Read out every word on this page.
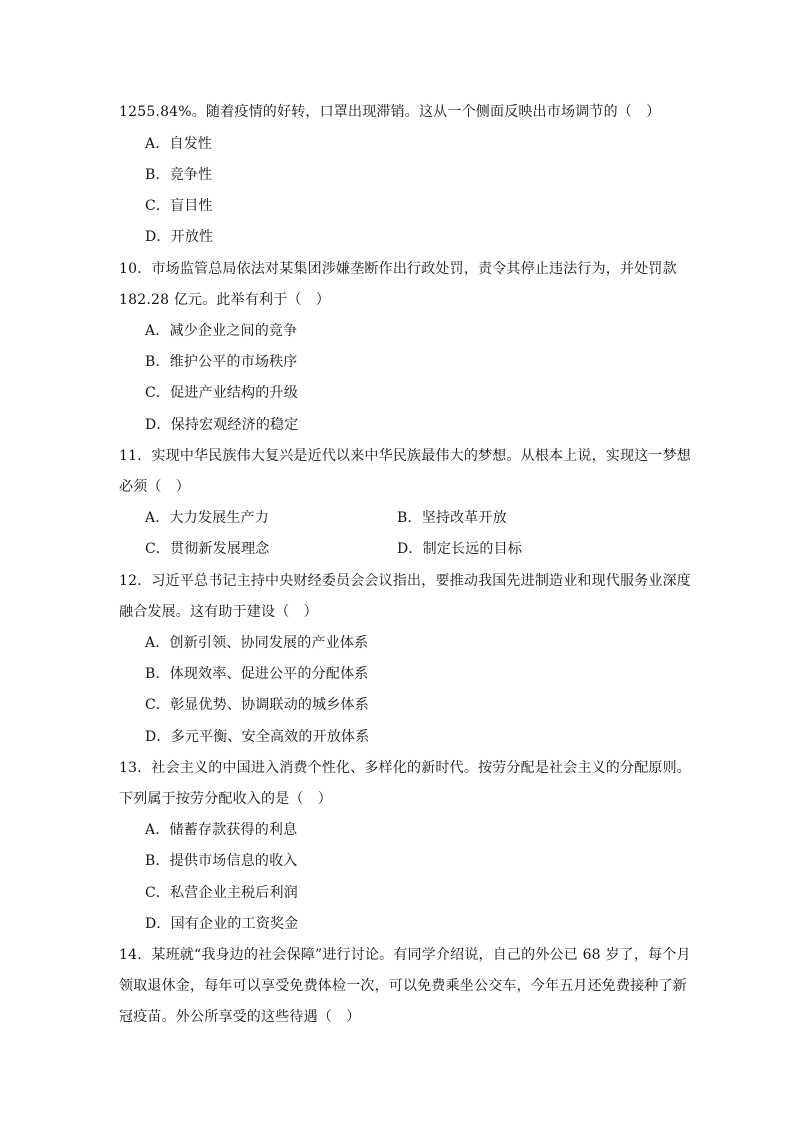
1255.84%。随着疫情的好转，口罩出现滞销。这从一个侧面反映出市场调节的（　）
A．自发性
B．竞争性
C．盲目性
D．开放性
10．市场监管总局依法对某集团涉嫌垄断作出行政处罚，责令其停止违法行为，并处罚款
182.28 亿元。此举有利于（　）
A．减少企业之间的竞争
B．维护公平的市场秩序
C．促进产业结构的升级
D．保持宏观经济的稳定
11．实现中华民族伟大复兴是近代以来中华民族最伟大的梦想。从根本上说，实现这一梦想
必须（　）
A．大力发展生产力	B．坚持改革开放
C．贯彻新发展理念	D．制定长远的目标
12．习近平总书记主持中央财经委员会会议指出，要推动我国先进制造业和现代服务业深度
融合发展。这有助于建设（　）
A．创新引领、协同发展的产业体系
B．体现效率、促进公平的分配体系
C．彰显优势、协调联动的城乡体系
D．多元平衡、安全高效的开放体系
13．社会主义的中国进入消费个性化、多样化的新时代。按劳分配是社会主义的分配原则。
下列属于按劳分配收入的是（　）
A．储蓄存款获得的利息
B．提供市场信息的收入
C．私营企业主税后利润
D．国有企业的工资奖金
14．某班就“我身边的社会保障”进行讨论。有同学介绍说，自己的外公已 68 岁了，每个月
领取退休金，每年可以享受免费体检一次，可以免费乘坐公交车，今年五月还免费接种了新
冠疫苗。外公所享受的这些待遇（　）
